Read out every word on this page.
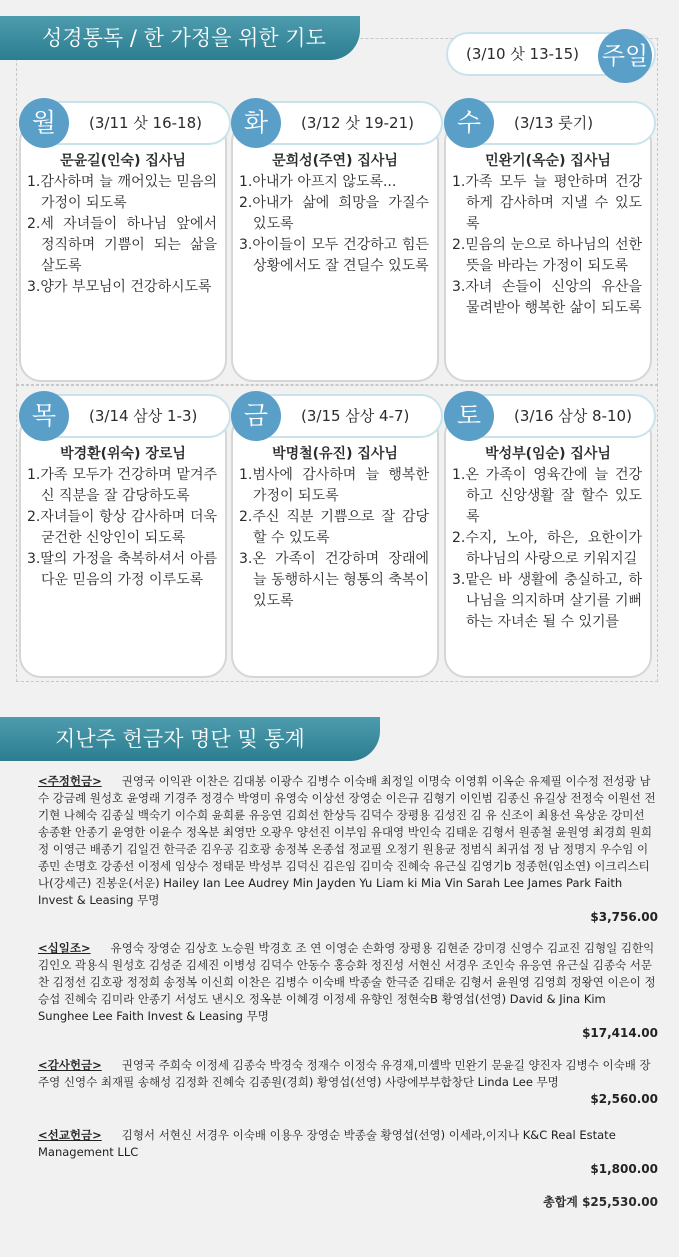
성경통독 / 한 가정을 위한 기도
(3/10 삿 13-15) 주일
문윤길(인숙) 집사님
1.감사하며 늘 깨어있는 믿음의 가정이 되도록
2.세 자녀들이 하나님 앞에서 정직하며 기쁨이 되는 삶을 살도록
3.양가 부모님이 건강하시도록
월	(3/11 삿 16-18)
문희성(주연) 집사님
1.아내가 아프지 않도록...
2.아내가 삶에 희망을 가질수 있도록
3.아이들이 모두 건강하고 힘든 상황에서도 잘 견딜수 있도록
화	(3/12 삿 19-21)
민완기(옥순) 집사님
1.가족 모두 늘 평안하며 건강하게 감사하며 지낼 수 있도록
2.믿음의 눈으로 하나님의 선한 뜻을 바라는 가정이 되도록
3.자녀 손들이 신앙의 유산을 물려받아 행복한 삶이 되도록
수	(3/13 룻기)
박경환(위숙) 장로님
1.가족 모두가 건강하며 맡겨주신 직분을 잘 감당하도록
2.자녀들이 항상 감사하며 더욱 굳건한 신앙인이 되도록
3.딸의 가정을 축복하셔서 아름다운 믿음의 가정 이루도록
목	(3/14 삼상 1-3)
박명철(유진) 집사님
1.범사에 감사하며 늘 행복한 가정이 되도록
2.주신 직분 기쁨으로 잘 감당할 수 있도록
3.온 가족이 건강하며 장래에 늘 동행하시는 형통의 축복이 있도록
금	(3/15 삼상 4-7)
박성부(임순) 집사님
1.온 가족이 영육간에 늘 건강하고 신앙생활 잘 할수 있도록
2.수지, 노아, 하은, 요한이가 하나님의 사랑으로 키워지길
3.맡은 바 생활에 충실하고, 하나님을 의지하며 살기를 기뻐하는 자녀손 될 수 있기를
토	(3/16 삼상 8-10)
지난주 헌금자 명단 및 통계
<주정헌금> 권영국 이익관 이찬은 김대봉 이광수 김병수 이숙배 최정일 이명숙 이영휘 이옥순 유제필 이수정 전성광 남 수 강금례 원성호 윤영래 기경주 정경수 박영미 유영숙 이상선 장영순 이은규 김형기 이인범 김종신 유길상 전정숙 이원선 전기현 나혜숙 김종실 백숙기 이수희 윤희륜 유응연 김희선 한상득 김덕수 장평용 김성진 김 유 신조이 최용선 육상운 강미선 송종환 안종기 윤영한 이윤수 정옥분 최영만 오광우 양선진 이부임 유대영 박인숙 김태운 김형서 원종철 윤원영 최경희 원희정 이영근 배종기 김일건 한극준 김우공 김호광 송정복 온종섭 정교필 오정기 원용균 정범식 최귀섭 정 남 정명지 우수임 이종민 손명호 강종선 이정세 임상수 정태문 박성부 김덕신 김은임 김미숙 진혜숙 유근실 김영기b 정종헌(임소연) 이크리스티나(강세근) 진봉운(서운) Hailey Ian Lee Audrey Min Jayden Yu Liam ki Mia Vin Sarah Lee James Park Faith Invest & Leasing 무명
$3,756.00
<십일조> 유영숙 장영순 김상호 노승원 박경호 조 연 이영순 손화영 장평용 김현준 강미경 신영수 김교진 김형일 김한익 김인오 곽용식 원성호 김성준 김세진 이병성 김덕수 안동수 홍승화 정진성 서현신 서경우 조인숙 유응연 유근실 김종숙 서문찬 김정선 김호광 정정희 송정복 이신희 이찬은 김병수 이숙배 박종술 한극준 김태운 김형서 윤원영 김영희 정왕연 이은이 정승섭 진혜숙 김미라 안종기 서성도 낸시오 정옥분 이혜경 이정세 유향인 정현숙B 황영섭(선영) David & Jina Kim Sunghee Lee Faith Invest & Leasing 무명
$17,414.00
<감사헌금> 권영국 주희숙 이정세 김종숙 박경숙 정재수 이정숙 유경재,미셸박 민완기 문윤길 양진자 김병수 이숙배 장주영 신영수 최재필 송해성 김정화 진혜숙 김종원(경희) 황영섭(선영) 사랑에부부합창단 Linda Lee 무명
$2,560.00
<선교헌금> 김형서 서현신 서경우 이숙배 이용우 장영순 박종술 황영섭(선영) 이세라,이지나 K&C Real Estate Management LLC
$1,800.00
총합계 $25,530.00
